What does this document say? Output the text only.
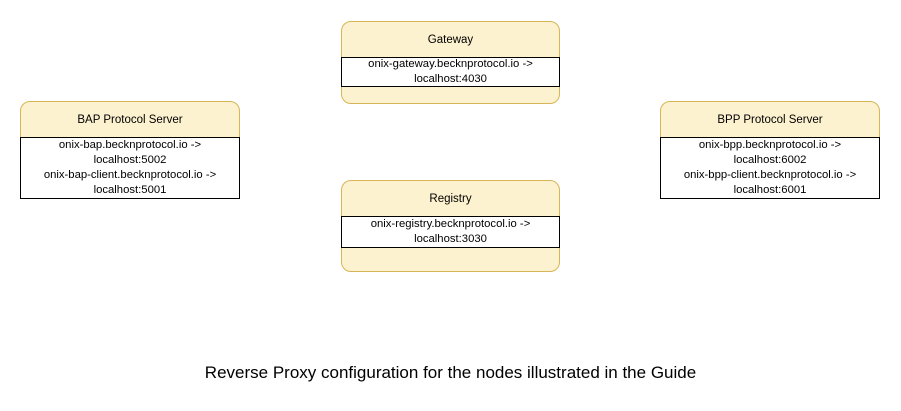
Gateway
onix-gateway.becknprotocol.io ->
localhost:4030
BAP Protocol Server
onix-bap.becknprotocol.io ->
localhost:5002
onix-bap-client.becknprotocol.io ->
localhost:5001
BPP Protocol Server
onix-bpp.becknprotocol.io ->
localhost:6002
onix-bpp-client.becknprotocol.io ->
localhost:6001
Registry
onix-registry.becknprotocol.io ->
localhost:3030
Reverse Proxy configuration for the nodes illustrated in the Guide
